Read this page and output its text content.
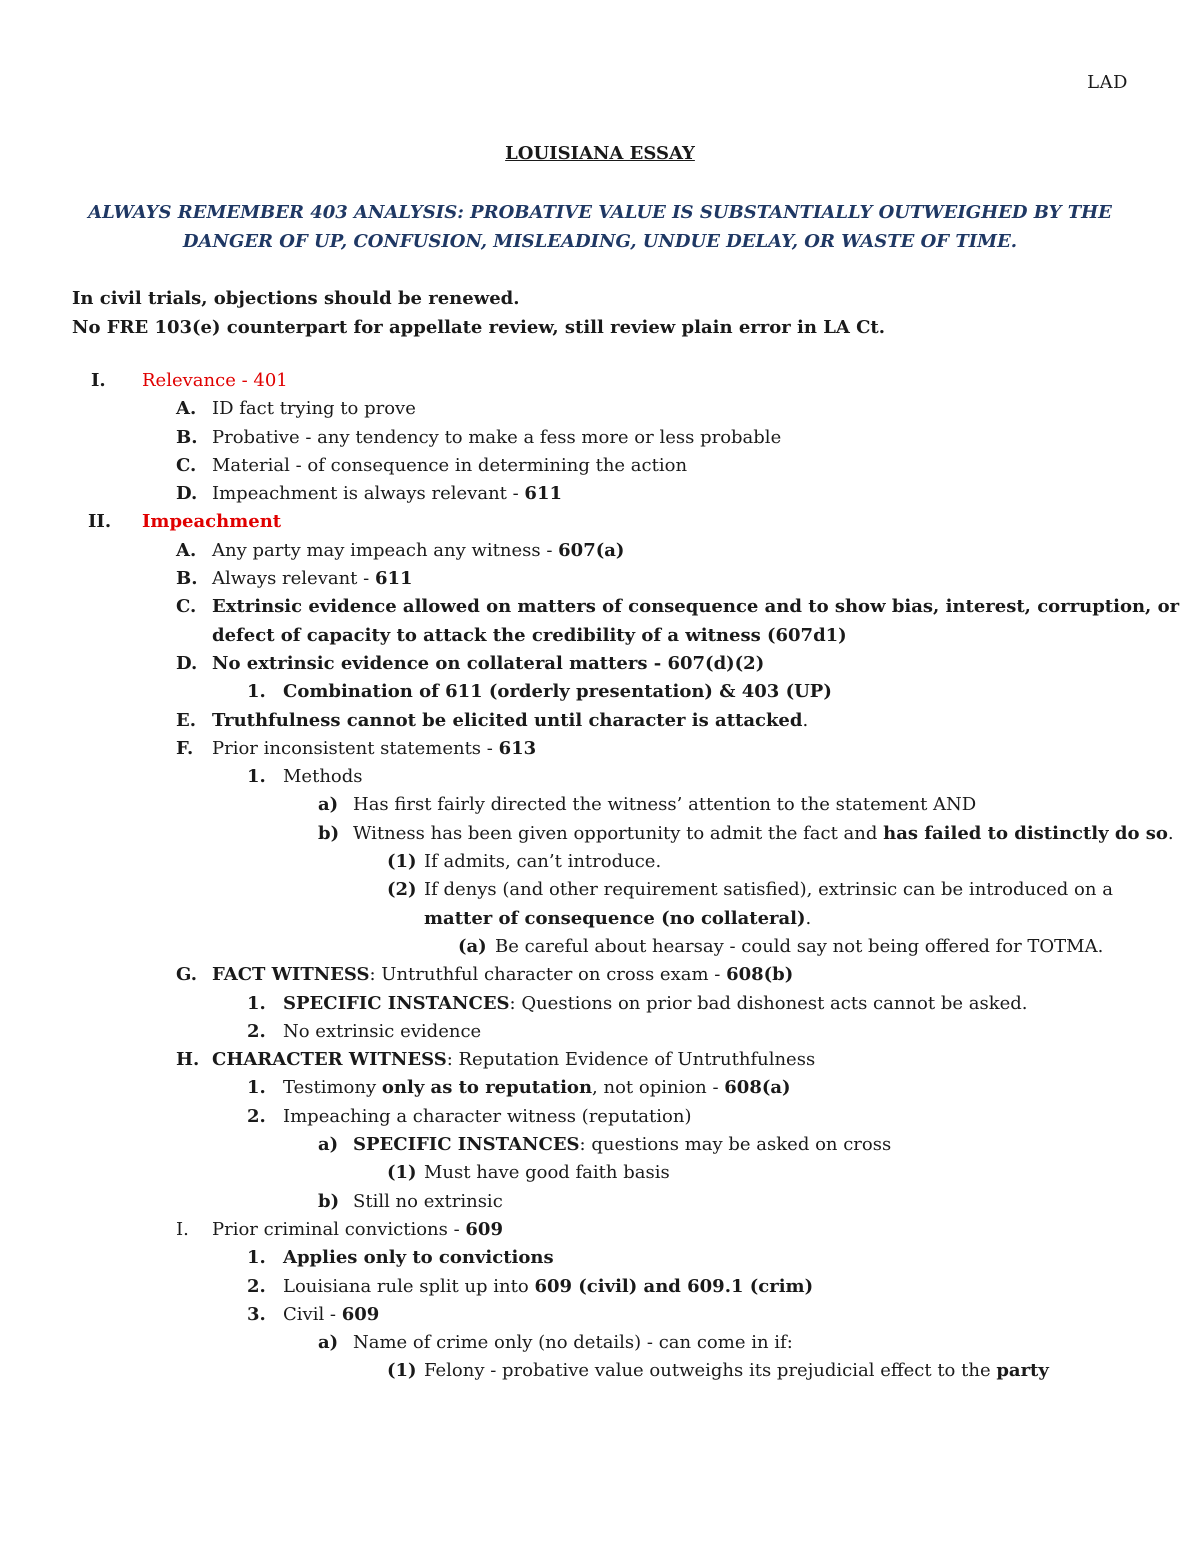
LAD
LOUISIANA ESSAY
ALWAYS REMEMBER 403 ANALYSIS: PROBATIVE VALUE IS SUBSTANTIALLY OUTWEIGHED BY THE
DANGER OF UP, CONFUSION, MISLEADING, UNDUE DELAY, OR WASTE OF TIME.
In civil trials, objections should be renewed.
No FRE 103(e) counterpart for appellate review, still review plain error in LA Ct.
I. Relevance - 401
A. ID fact trying to prove
B. Probative - any tendency to make a fess more or less probable
C. Material - of consequence in determining the action
D. Impeachment is always relevant - 611
II. Impeachment
A. Any party may impeach any witness - 607(a)
B. Always relevant - 611
C. Extrinsic evidence allowed on matters of consequence and to show bias, interest, corruption, or
defect of capacity to attack the credibility of a witness (607d1)
D. No extrinsic evidence on collateral matters - 607(d)(2)
1. Combination of 611 (orderly presentation) & 403 (UP)
E. Truthfulness cannot be elicited until character is attacked.
F. Prior inconsistent statements - 613
1. Methods
a) Has first fairly directed the witness’ attention to the statement AND
b) Witness has been given opportunity to admit the fact and has failed to distinctly do so.
(1) If admits, can’t introduce.
(2) If denys (and other requirement satisfied), extrinsic can be introduced on a
matter of consequence (no collateral).
(a) Be careful about hearsay - could say not being offered for TOTMA.
G. FACT WITNESS: Untruthful character on cross exam - 608(b)
1. SPECIFIC INSTANCES: Questions on prior bad dishonest acts cannot be asked.
2. No extrinsic evidence
H. CHARACTER WITNESS: Reputation Evidence of Untruthfulness
1. Testimony only as to reputation, not opinion - 608(a)
2. Impeaching a character witness (reputation)
a) SPECIFIC INSTANCES: questions may be asked on cross
(1) Must have good faith basis
b) Still no extrinsic
I. Prior criminal convictions - 609
1. Applies only to convictions
2. Louisiana rule split up into 609 (civil) and 609.1 (crim)
3. Civil - 609
a) Name of crime only (no details) - can come in if:
(1) Felony - probative value outweighs its prejudicial effect to the party
